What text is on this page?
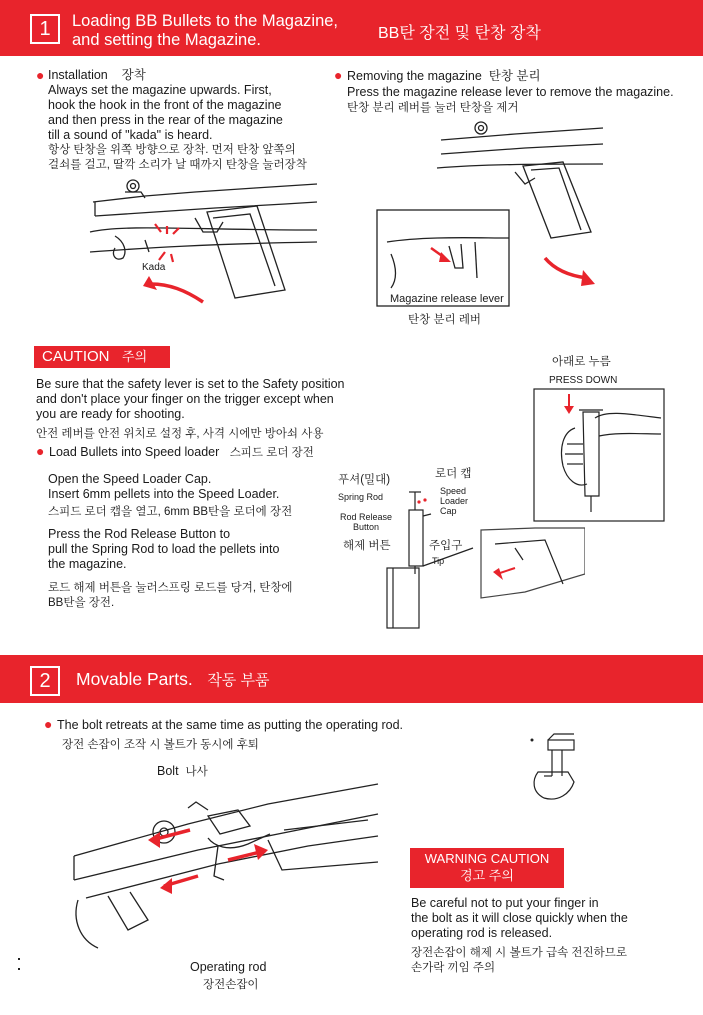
1	Loading BB Bullets to the Magazine,
and setting the Magazine.	BB탄 장전 및 탄창 장착
● Installation 장착
Always set the magazine upwards. First,
hook the hook in the front of the magazine
and then press in the rear of the magazine
till a sound of "kada" is heard.
항상 탄창을 위쪽 방향으로 장착. 먼저 탄창 앞쪽의
걸쇠를 걸고, 딸깍 소리가 날 때까지 탄창을 눌러장착
Kada
● Removing the magazine 탄창 분리
Press the magazine release lever to remove the magazine.
탄창 분리 레버를 눌러 탄창을 제거
Magazine release lever
탄창 분리 레버
CAUTION 주의
Be sure that the safety lever is set to the Safety position
and don't place your finger on the trigger except when
you are ready for shooting.
안전 레버를 안전 위치로 설정 후, 사격 시에만 방아쇠 사용
● Load Bullets into Speed loader 스피드 로더 장전
Open the Speed Loader Cap.
Insert 6mm pellets into the Speed Loader.
스피드 로더 캡을 열고, 6mm BB탄을 로더에 장전
Press the Rod Release Button to
pull the Spring Rod to load the pellets into
the magazine.
로드 해제 버튼을 눌러스프링 로드를 당겨, 탄창에
BB탄을 장전.
아래로 누름
PRESS DOWN
푸셔(밀대)
Spring Rod
로더 캡
Speed
Loader
Cap
Rod Release
Button
해제 버튼	주입구
Tip
2	Movable Parts. 작동 부품
● The bolt retreats at the same time as putting the operating rod.
장전 손잡이 조작 시 볼트가 동시에 후퇴
Bolt 나사
Operating rod
장전손잡이
WARNING CAUTION
경고 주의
Be careful not to put your finger in
the bolt as it will close quickly when the
operating rod is released.
장전손잡이 해제 시 볼트가 급속 전진하므로
손가락 끼임 주의
